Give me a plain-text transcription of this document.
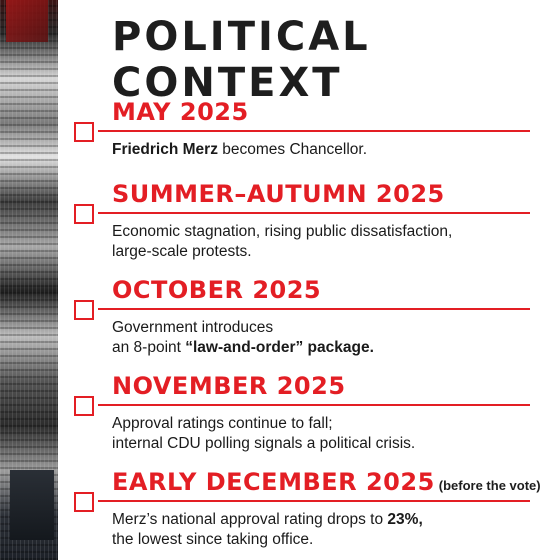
POLITICAL CONTEXT
MAY 2025
Friedrich Merz becomes Chancellor.
SUMMER–AUTUMN 2025
Economic stagnation, rising public dissatisfaction,
large-scale protests.
OCTOBER 2025
Government introduces
an 8-point “law-and-order” package.
NOVEMBER 2025
Approval ratings continue to fall;
internal CDU polling signals a political crisis.
EARLY DECEMBER 2025 (before the vote)
Merz’s national approval rating drops to 23%,
the lowest since taking office.
